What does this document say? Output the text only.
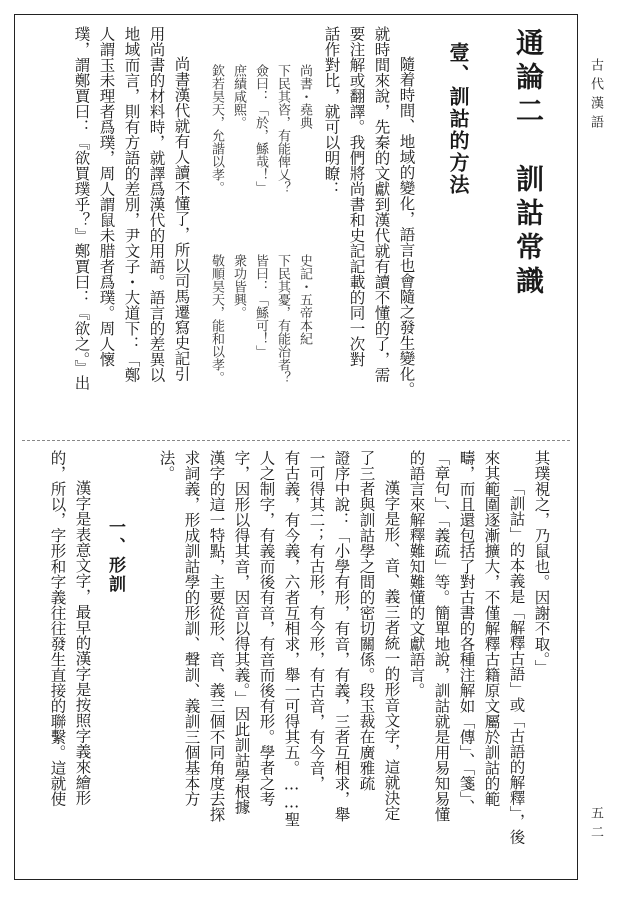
古代漢語
五二
通論二　訓詁常識
壹、訓詁的方法
隨着時間、地域的變化，語言也會隨之發生變化。
就時間來說，先秦的文獻到漢代就有讀不懂的了，需
要注解或翻譯。我們將尚書和史記記載的同一次對
話作對比，就可以明瞭：
尚書・堯典
下民其咨，有能俾乂？
僉曰：「於，鯀哉！」
庶績咸熙。
欽若昊天，允諧以孝。
史記・五帝本紀
下民其憂，有能治者？
皆曰：「鯀可！」
衆功皆興。
敬順昊天，能和以孝。
尚書漢代就有人讀不懂了，所以司馬遷寫史記引
用尚書的材料時，就譯爲漢代的用語。語言的差異以
地域而言，則有方語的差別，尹文子・大道下：「鄭
人謂玉未理者爲璞，周人謂鼠未腊者爲璞。周人懷
璞，謂鄭賈曰：『欲買璞乎？』鄭賈曰：『欲之。』出
其璞視之，乃鼠也。因謝不取。」
「訓詁」的本義是「解釋古語」或「古語的解釋」，後
來其範圍逐漸擴大，不僅解釋古籍原文屬於訓詁的範
疇，而且還包括了對古書的各種注解如「傳」、「箋」、
「章句」、「義疏」等。簡單地說，訓詁就是用易知易懂
的語言來解釋難知難懂的文獻語言。
漢字是形、音、義三者統一的形音文字，這就決定
了三者與訓詁學之間的密切關係。段玉裁在廣雅疏
證序中說：「小學有形，有音，有義，三者互相求，舉
一可得其二；有古形，有今形，有古音，有今音，
有古義，有今義，六者互相求，舉一可得其五。……聖
人之制字，有義而後有音，有音而後有形。學者之考
字，因形以得其音，因音以得其義。」因此訓詁學根據
漢字的這一特點，主要從形、音、義三個不同角度去探
求詞義，形成訓詁學的形訓、聲訓、義訓三個基本方
法。
一、形訓
漢字是表意文字，最早的漢字是按照字義來繪形
的，所以，字形和字義往往發生直接的聯繫。這就使
